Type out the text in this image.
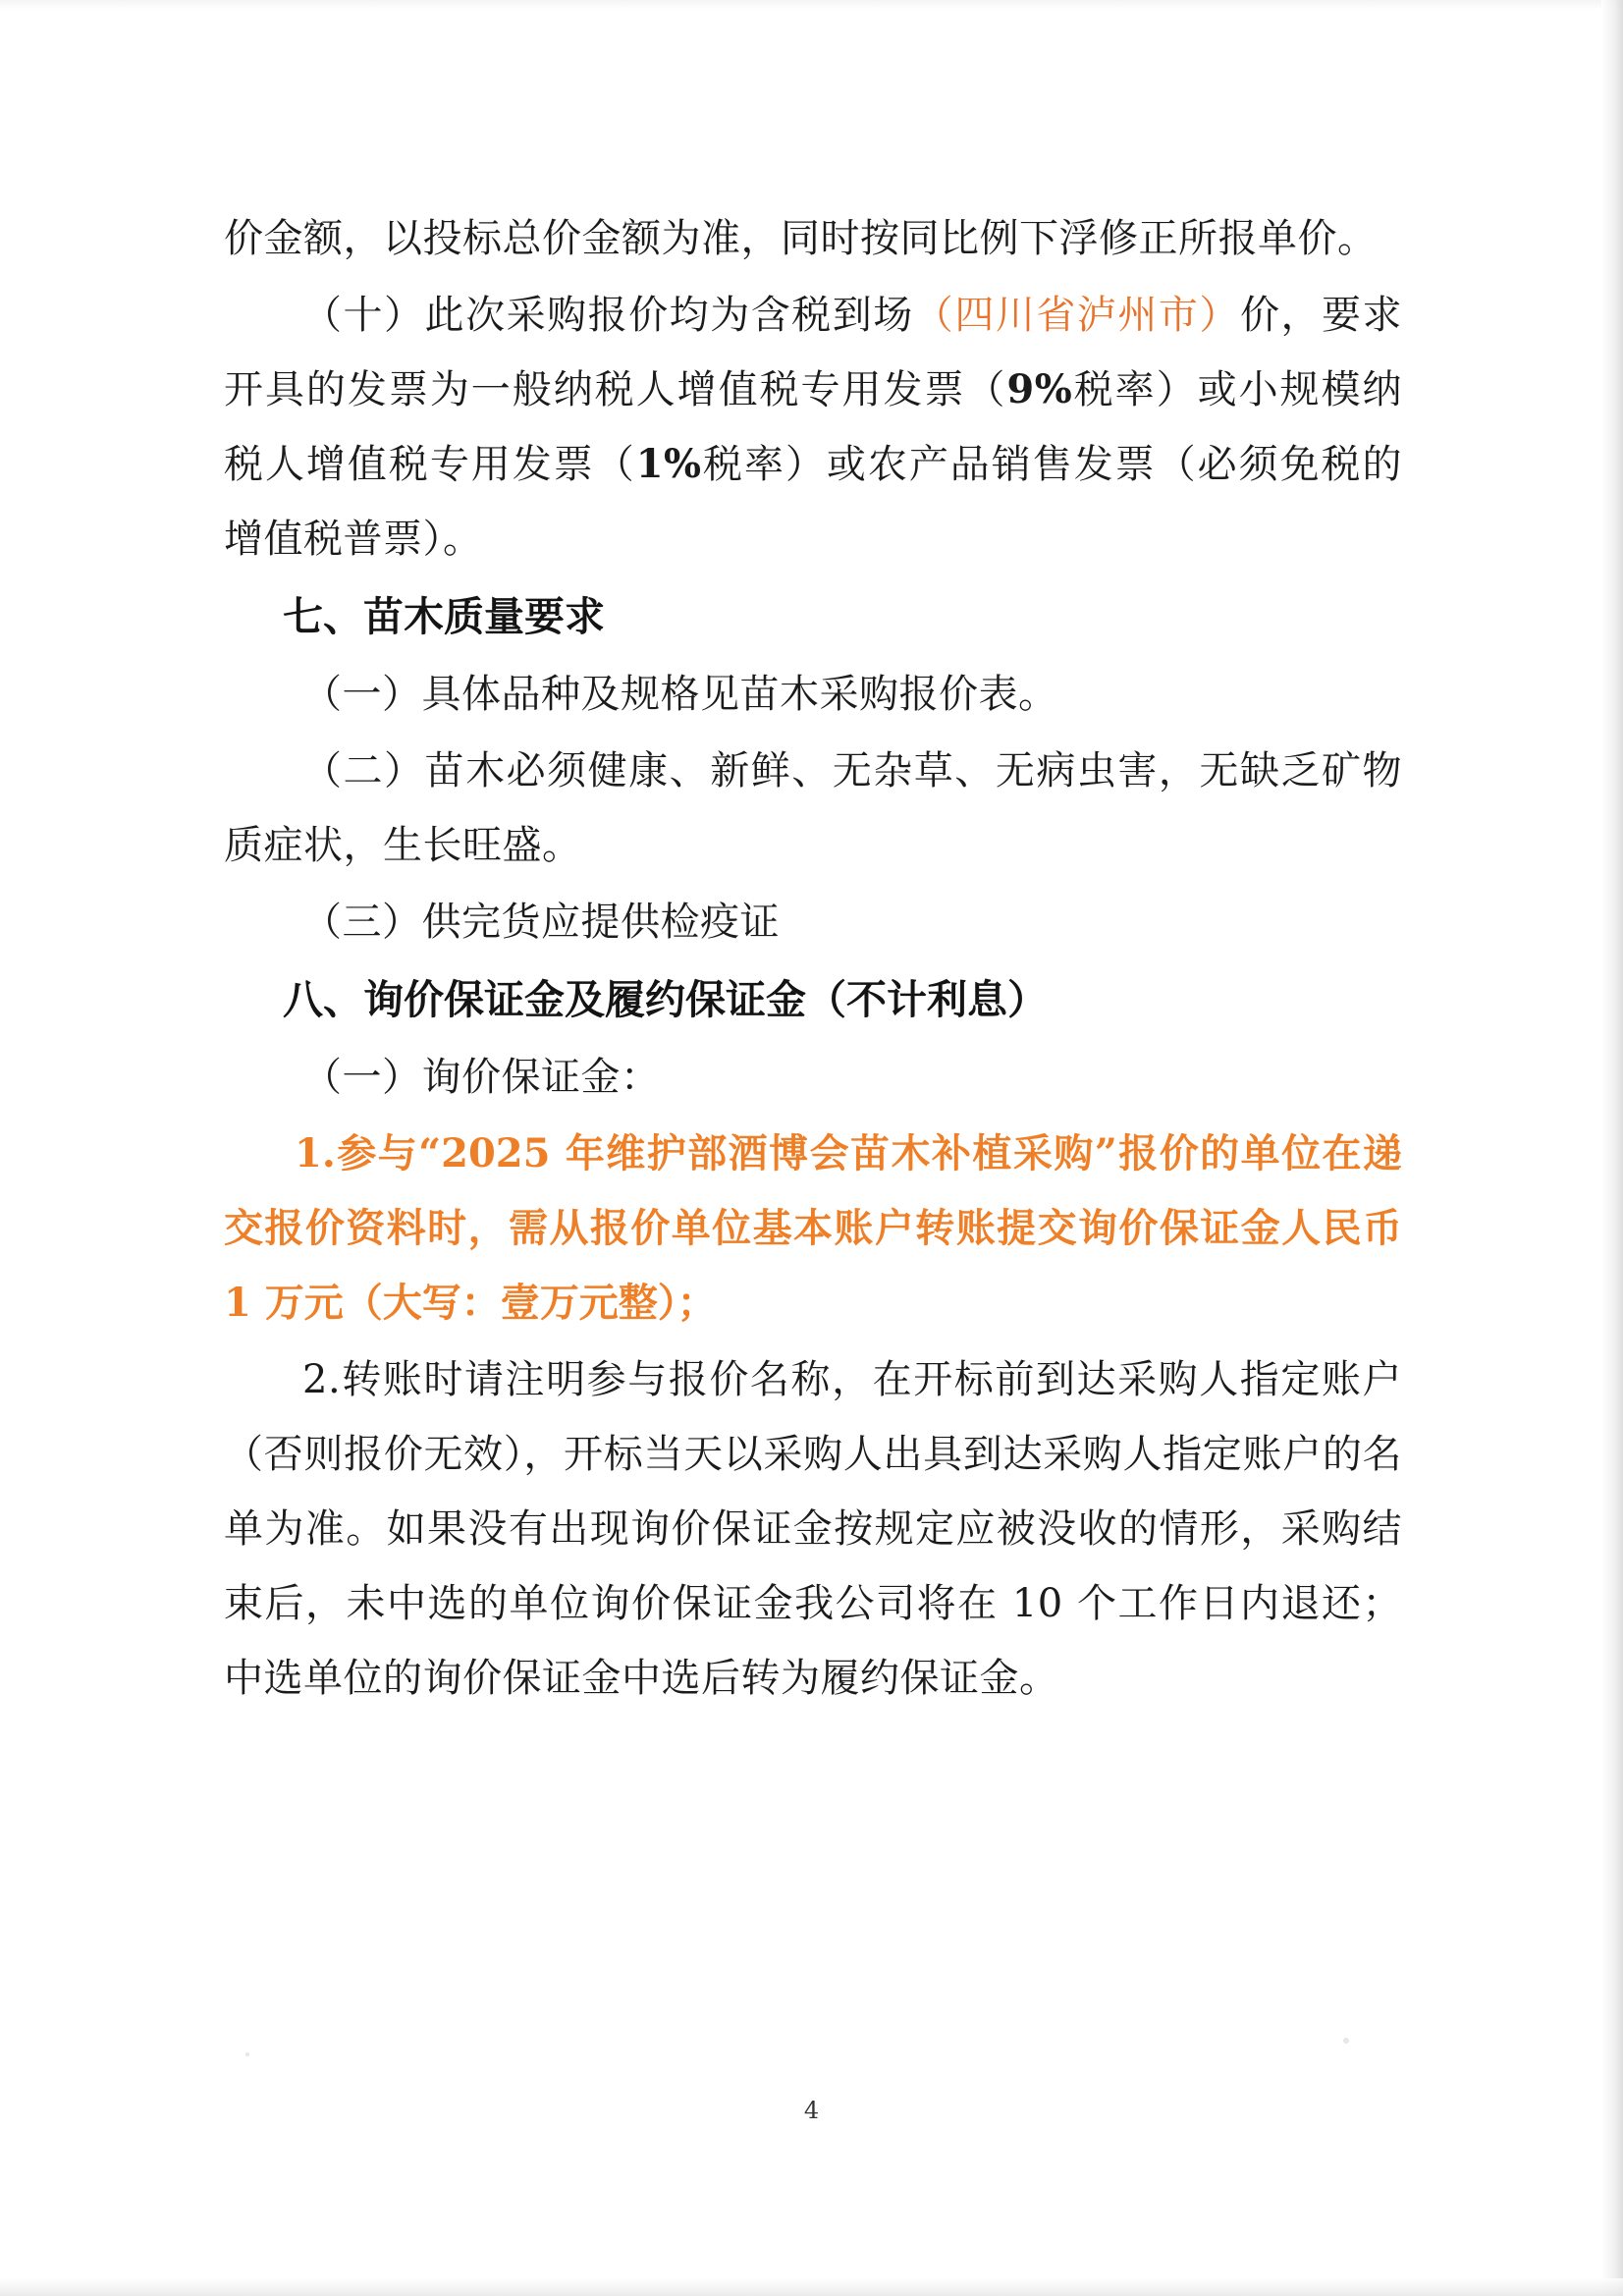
价金额，以投标总价金额为准，同时按同比例下浮修正所报单价。

（十）此次采购报价均为含税到场（四川省泸州市）价，要求开具的发票为一般纳税人增值税专用发票（9%税率）或小规模纳税人增值税专用发票（1%税率）或农产品销售发票（必须免税的增值税普票）。

七、苗木质量要求

（一）具体品种及规格见苗木采购报价表。

（二）苗木必须健康、新鲜、无杂草、无病虫害，无缺乏矿物质症状，生长旺盛。

（三）供完货应提供检疫证

八、询价保证金及履约保证金（不计利息）

（一）询价保证金：

1.参与“2025 年维护部酒博会苗木补植采购”报价的单位在递交报价资料时，需从报价单位基本账户转账提交询价保证金人民币 1 万元（大写：壹万元整）；

2.转账时请注明参与报价名称，在开标前到达采购人指定账户（否则报价无效），开标当天以采购人出具到达采购人指定账户的名单为准。如果没有出现询价保证金按规定应被没收的情形，采购结束后，未中选的单位询价保证金我公司将在 10 个工作日内退还；中选单位的询价保证金中选后转为履约保证金。

4
